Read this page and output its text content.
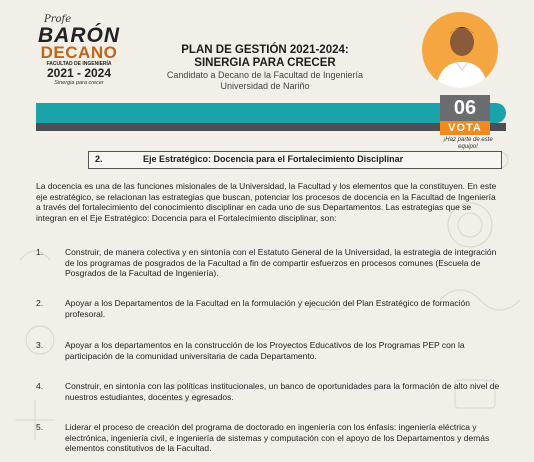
Profe
BARÓN
DECANO
FACULTAD DE INGENIERÍA
2021 - 2024
Sinergia para crecer
PLAN DE GESTIÓN 2021-2024:
SINERGIA PARA CRECER
Candidato a Decano de la Facultad de Ingeniería
Universidad de Nariño
06
VOTA
¡Haz parte de este equipo!
2.	Eje Estratégico: Docencia para el Fortalecimiento Disciplinar
La docencia es una de las funciones misionales de la Universidad, la Facultad y los elementos que la constituyen. En este eje estratégico, se relacionan las estrategias que buscan, potenciar los procesos de docencia en la Facultad de Ingeniería a través del fortalecimiento del conocimiento disciplinar en cada uno de sus Departamentos. Las estrategias que se integran en el Eje Estratégico: Docencia para el Fortalecimiento disciplinar, son:
1.	Construir, de manera colectiva y en sintonía con el Estatuto General de la Universidad, la estrategia de integración de los programas de posgrados de la Facultad a fin de compartir esfuerzos en procesos comunes (Escuela de Posgrados de la Facultad de Ingeniería).
2.	Apoyar a los Departamentos de la Facultad en la formulación y ejecución del Plan Estratégico de formación profesoral.
3.	Apoyar a los departamentos en la construcción de los Proyectos Educativos de los Programas PEP con la participación de la comunidad universitaria de cada Departamento.
4.	Construir, en sintonía con las políticas institucionales, un banco de oportunidades para la formación de alto nivel de nuestros estudiantes, docentes y egresados.
5.	Liderar el proceso de creación del programa de doctorado en ingeniería con los énfasis: ingeniería eléctrica y electrónica, ingeniería civil, e ingeniería de sistemas y computación con el apoyo de los Departamentos y demás elementos constitutivos de la Facultad.
